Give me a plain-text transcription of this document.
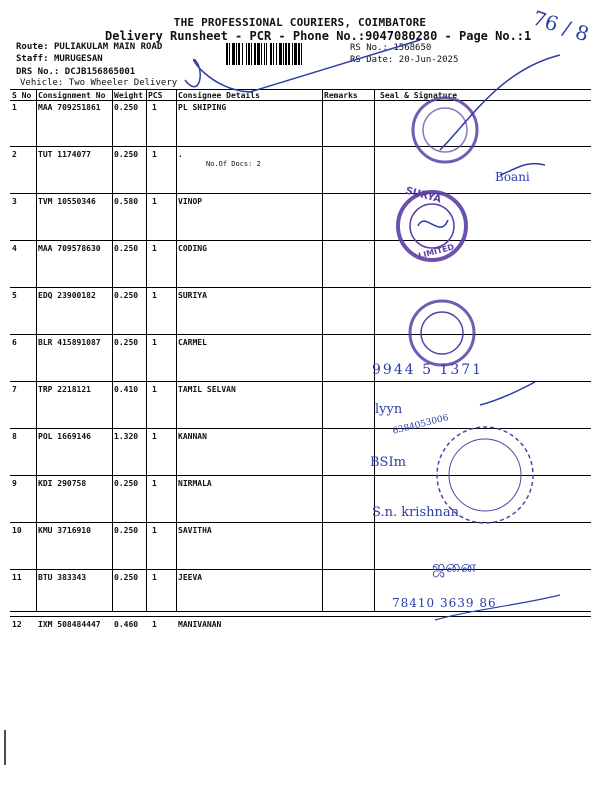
THE PROFESSIONAL COURIERS, COIMBATORE
Delivery Runsheet - PCR - Phone No.:9047080280 - Page No.:1
Route: PULIAKULAM MAIN ROAD
Staff: MURUGESAN
DRS No.: DCJB156865001
Vehicle: Two Wheeler Delivery
RS No.: 1568650
RS Date: 20-Jun-2025
76 / 8
S No Consignment No Weight PCS Consignee Details	Remarks	Seal & Signature
1	MAA 709251861 0.250 1	PL SHIPING
2	TUT 1174077	0.250 1	.
No.Of Docs: 2
3	TVM 10550346 0.580 1	VINOP
4	MAA 709578630 0.250 1	CODING
5	EDQ 23900182 0.250 1	SURIYA
6	BLR 415891087 0.250 1	CARMEL
7	TRP 2218121	0.410 1	TAMIL SELVAN
8	POL 1669146	1.320 1	KANNAN
9	KDI 290758	0.250 1	NIRMALA
10 KMU 3716910	0.250 1	SAVITHA
11 BTU 383343	0.250 1	JEEVA
12 IXM 508484447 0.460 1	MANIVANAN
Boani
SURYA
LIMITED
9944 5 1371
lyyn
6384053006
BSIm
S.n. krishnan
ஜனை
78410 3639 86
